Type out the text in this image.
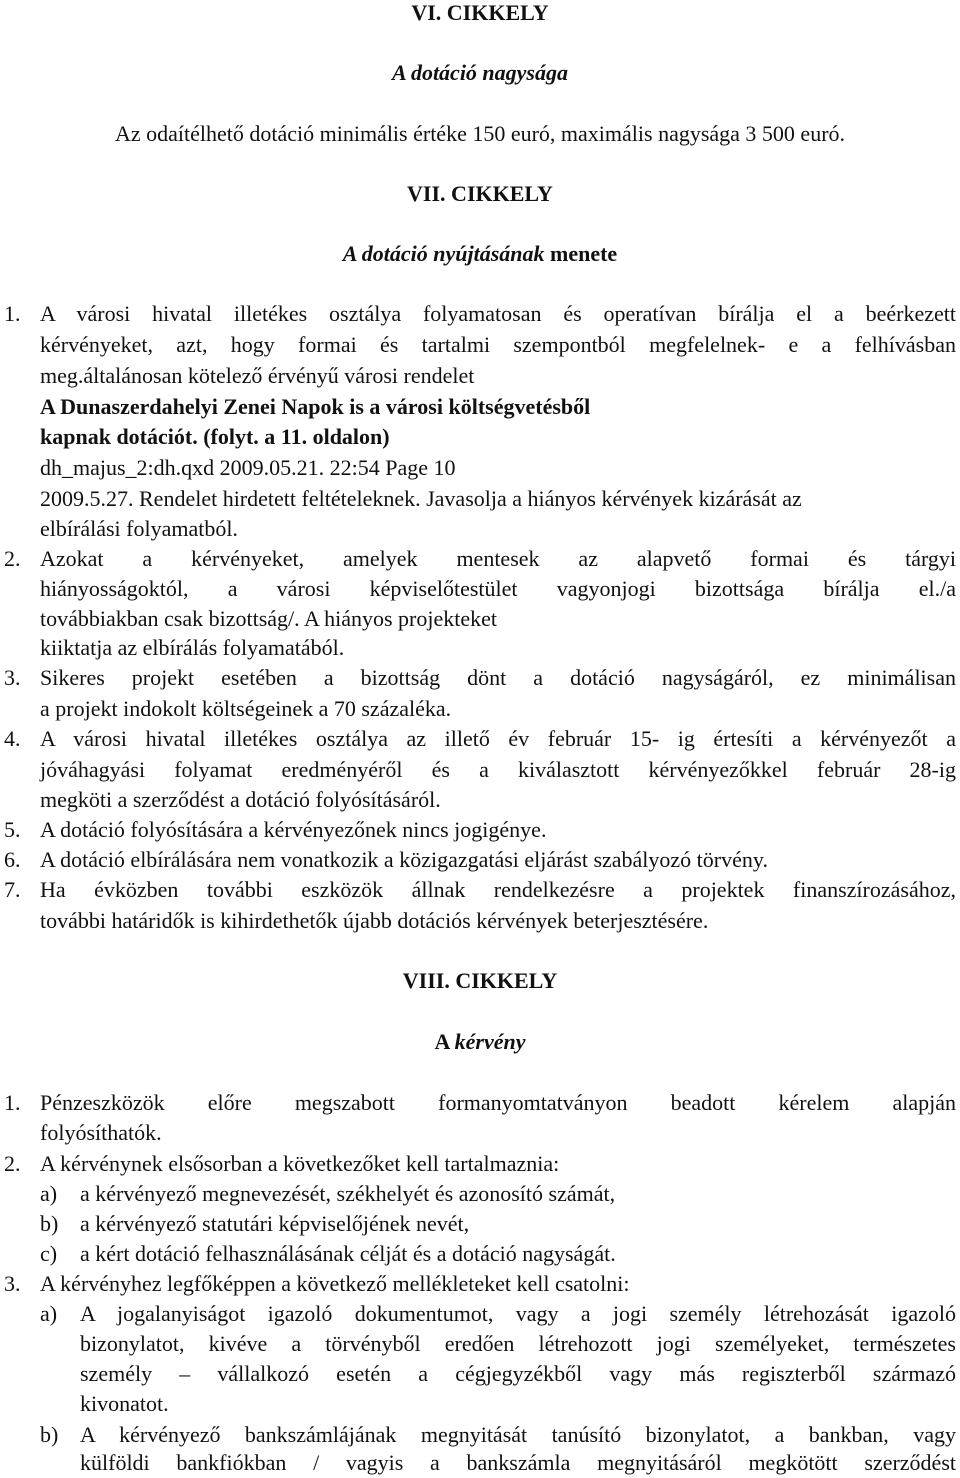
VI. CIKKELY
A dotáció nagysága
Az odaítélhető dotáció minimális értéke 150 euró, maximális nagysága 3 500 euró.
VII. CIKKELY
A dotáció nyújtásának menete
1. A városi hivatal illetékes osztálya folyamatosan és operatívan bírálja el a beérkezett
kérvényeket, azt, hogy formai és tartalmi szempontból megfelelnek- e a felhívásban
meg.általánosan kötelező érvényű városi rendelet
A Dunaszerdahelyi Zenei Napok is a városi költségvetésből
kapnak dotációt. (folyt. a 11. oldalon)
dh_majus_2:dh.qxd 2009.05.21. 22:54 Page 10
2009.5.27. Rendelet hirdetett feltételeknek. Javasolja a hiányos kérvények kizárását az
elbírálási folyamatból.
2. Azokat a kérvényeket, amelyek mentesek az alapvető formai és tárgyi
hiányosságoktól, a városi képviselőtestület vagyonjogi bizottsága bírálja el./a
továbbiakban csak bizottság/. A hiányos projekteket
kiiktatja az elbírálás folyamatából.
3. Sikeres projekt esetében a bizottság dönt a dotáció nagyságáról, ez minimálisan
a projekt indokolt költségeinek a 70 százaléka.
4. A városi hivatal illetékes osztálya az illető év február 15- ig értesíti a kérvényezőt a
jóváhagyási folyamat eredményéről és a kiválasztott kérvényezőkkel február 28-ig
megköti a szerződést a dotáció folyósításáról.
5. A dotáció folyósítására a kérvényezőnek nincs jogigénye.
6. A dotáció elbírálására nem vonatkozik a közigazgatási eljárást szabályozó törvény.
7. Ha évközben további eszközök állnak rendelkezésre a projektek finanszírozásához,
további határidők is kihirdethetők újabb dotációs kérvények beterjesztésére.
VIII. CIKKELY
A kérvény
1. Pénzeszközök előre megszabott formanyomtatványon beadott kérelem alapján
folyósíthatók.
2. A kérvénynek elsősorban a következőket kell tartalmaznia:
a)	a kérvényező megnevezését, székhelyét és azonosító számát,
b) a kérvényező statutári képviselőjének nevét,
c)	a kért dotáció felhasználásának célját és a dotáció nagyságát.
3. A kérvényhez legfőképpen a következő mellékleteket kell csatolni:
a)	A jogalanyiságot igazoló dokumentumot, vagy a jogi személy létrehozását igazoló
bizonylatot, kivéve a törvényből eredően létrehozott jogi személyeket, természetes
személy – vállalkozó esetén a cégjegyzékből vagy más regiszterből származó
kivonatot.
b) A kérvényező bankszámlájának megnyitását tanúsító bizonylatot, a bankban, vagy
külföldi bankfiókban / vagyis a bankszámla megnyitásáról megkötött szerződést
